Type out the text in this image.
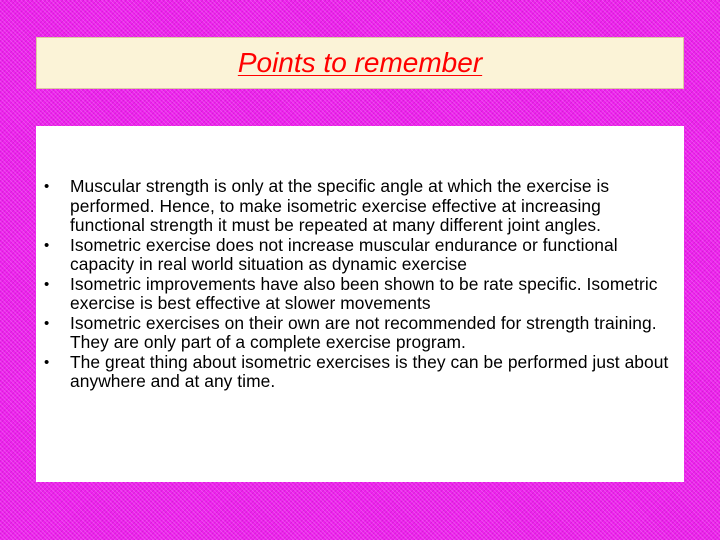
Points to remember
• Muscular strength is only at the specific angle at which the exercise is performed. Hence, to make isometric exercise effective at increasing functional strength it must be repeated at many different joint angles.
• Isometric exercise does not increase muscular endurance or functional capacity in real world situation as dynamic exercise
• Isometric improvements have also been shown to be rate specific. Isometric exercise is best effective at slower movements
• Isometric exercises on their own are not recommended for strength training. They are only part of a complete exercise program.
• The great thing about isometric exercises is they can be performed just about anywhere and at any time.
